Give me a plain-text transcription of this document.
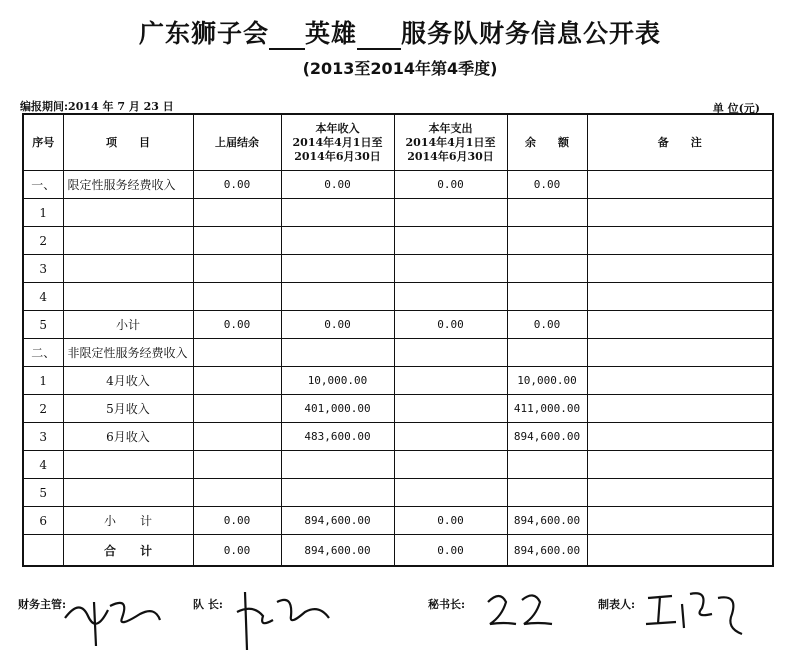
广东狮子会 英雄 服务队财务信息公开表
(2013至2014年第4季度)
编报期间:2014 年 7 月 23 日	单 位(元)
序号	项　　目	上届结余	本年收入
2014年4月1日至
2014年6月30日	本年支出
2014年4月1日至
2014年6月30日	余　　额	备　　注
一、	限定性服务经费收入	0.00	0.00	0.00	0.00	
1						
2						
3						
4						
5	小计	0.00	0.00	0.00	0.00	
二、	非限定性服务经费收入					
1	4月收入		10,000.00		10,000.00	
2	5月收入		401,000.00		411,000.00	
3	6月收入		483,600.00		894,600.00	
4						
5						
6	小　　计	0.00	894,600.00	0.00	894,600.00	
	合　　计	0.00	894,600.00	0.00	894,600.00	
财务主管:	队 长:	秘书长:	制表人:
